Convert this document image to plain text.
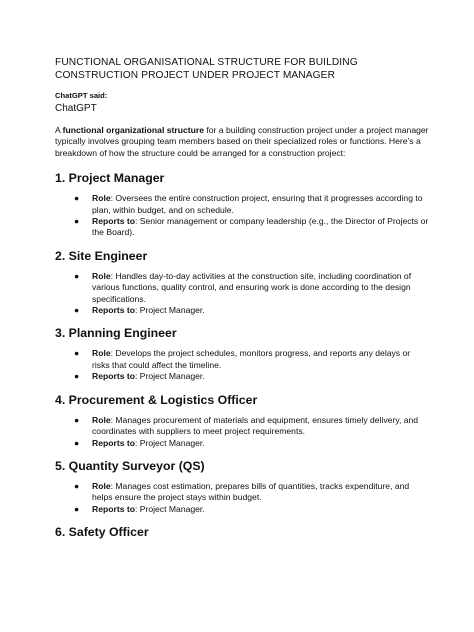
FUNCTIONAL ORGANISATIONAL STRUCTURE FOR BUILDING CONSTRUCTION PROJECT UNDER PROJECT MANAGER
ChatGPT said:
ChatGPT

A functional organizational structure for a building construction project under a project manager typically involves grouping team members based on their specialized roles or functions. Here’s a breakdown of how the structure could be arranged for a construction project:

1. Project Manager
● Role: Oversees the entire construction project, ensuring that it progresses according to plan, within budget, and on schedule.
● Reports to: Senior management or company leadership (e.g., the Director of Projects or the Board).
2. Site Engineer
● Role: Handles day-to-day activities at the construction site, including coordination of various functions, quality control, and ensuring work is done according to the design specifications.
● Reports to: Project Manager.
3. Planning Engineer
● Role: Develops the project schedules, monitors progress, and reports any delays or risks that could affect the timeline.
● Reports to: Project Manager.
4. Procurement & Logistics Officer
● Role: Manages procurement of materials and equipment, ensures timely delivery, and coordinates with suppliers to meet project requirements.
● Reports to: Project Manager.
5. Quantity Surveyor (QS)
● Role: Manages cost estimation, prepares bills of quantities, tracks expenditure, and helps ensure the project stays within budget.
● Reports to: Project Manager.
6. Safety Officer
